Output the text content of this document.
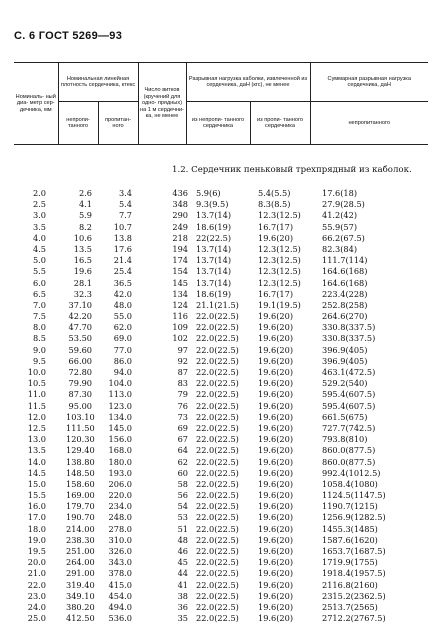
С. 6 ГОСТ 5269—93
Номиналь- ный диа- метр сер- дечника, мм	Номинальная линейная плотность сердечника, ктекс		Число витков (кручений для одно- прядных) на 1 м сердечни- ка, не менее	Разрывная нагрузка каболки, извлеченной из сердечника, даН (кгс), не менее		Суммарная разрывная нагрузка сердечника, даН
	непропи- танного	пропитан- ного		из непропи- танного сердечника	из пропи- танного сердечника	непропитанного
1.2. Сердечник пеньковый трехпрядный из каболок.
2.0	2.6	3.4	436 5.9(6)	5.4(5.5)	17.6(18)
2.5	4.1	5.4	348 9.3(9.5)	8.3(8.5)	27.9(28.5)
3.0	5.9	7.7	290 13.7(14)	12.3(12.5)	41.2(42)
3.5	8.2	10.7	249 18.6(19)	16.7(17)	55.9(57)
4.0	10.6	13.8	218 22(22.5)	19.6(20)	66.2(67.5)
4.5	13.5	17.6	194 13.7(14)	12.3(12.5)	82.3(84)
5.0	16.5	21.4	174 13.7(14)	12.3(12.5)	111.7(114)
5.5	19.6	25.4	154 13.7(14)	12.3(12.5)	164.6(168)
6.0	28.1	36.5	145 13.7(14)	12.3(12.5)	164.6(168)
6.5	32.3	42.0	134 18.6(19)	16.7(17)	223.4(228)
7.0	37.10	48.0	124 21.1(21.5)	19.1(19.5)	252.8(258)
7.5	42.20	55.0	116 22.0(22.5)	19.6(20)	264.6(270)
8.0	47.70	62.0	109 22.0(22.5)	19.6(20)	330.8(337.5)
8.5	53.50	69.0	102 22.0(22.5)	19.6(20)	330.8(337.5)
9.0	59.60	77.0	97 22.0(22.5)	19.6(20)	396.9(405)
9.5	66.00	86.0	92 22.0(22.5)	19.6(20)	396.9(405)
10.0	72.80	94.0	87 22.0(22.5)	19.6(20)	463.1(472.5)
10.5	79.90	104.0	83 22.0(22.5)	19.6(20)	529.2(540)
11.0	87.30	113.0	79 22.0(22.5)	19.6(20)	595.4(607.5)
11.5	95.00	123.0	76 22.0(22.5)	19.6(20)	595.4(607.5)
12.0 103.10	134.0	73 22.0(22.5)	19.6(20)	661.5(675)
12.5 111.50	145.0	69 22.0(22.5)	19.6(20)	727.7(742.5)
13.0 120.30	156.0	67 22.0(22.5)	19.6(20)	793.8(810)
13.5 129.40	168.0	64 22.0(22.5)	19.6(20)	860.0(877.5)
14.0 138.80	180.0	62 22.0(22.5)	19.6(20)	860.0(877.5)
14.5 148.50	193.0	60 22.0(22.5)	19.6(20)	992.4(1012.5)
15.0 158.60	206.0	58 22.0(22.5)	19.6(20)	1058.4(1080)
15.5 169.00	220.0	56 22.0(22.5)	19.6(20)	1124.5(1147.5)
16.0 179.70	234.0	54 22.0(22.5)	19.6(20)	1190.7(1215)
17.0 190.70	248.0	53 22.0(22.5)	19.6(20)	1256.9(1282.5)
18.0 214.00	278.0	51 22.0(22.5)	19.6(20)	1455.3(1485)
19.0 238.30	310.0	48 22.0(22.5)	19.6(20)	1587.6(1620)
19.5 251.00	326.0	46 22.0(22.5)	19.6(20)	1653.7(1687.5)
20.0 264.00	343.0	45 22.0(22.5)	19.6(20)	1719.9(1755)
21.0 291.00	378.0	44 22.0(22.5)	19.6(20)	1918.4(1957.5)
22.0 319.40	415.0	41 22.0(22.5)	19.6(20)	2116.8(2160)
23.0 349.10	454.0	38 22.0(22.5)	19.6(20)	2315.2(2362.5)
24.0 380.20	494.0	36 22.0(22.5)	19.6(20)	2513.7(2565)
25.0 412.50	536.0	35 22.0(22.5)	19.6(20)	2712.2(2767.5)
